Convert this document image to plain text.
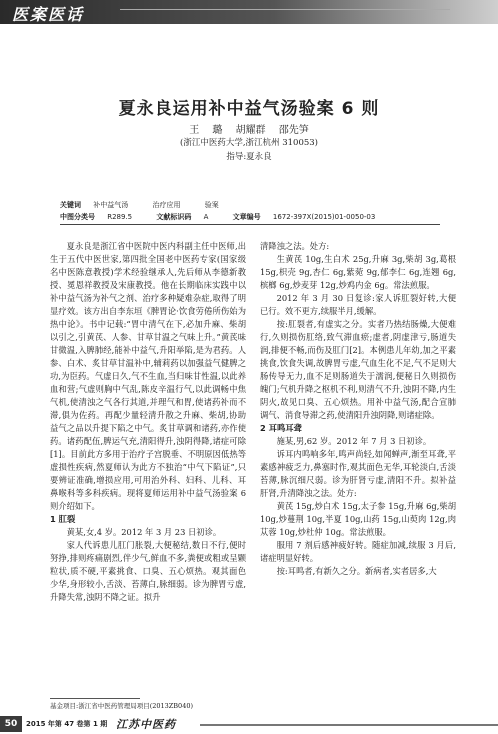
医案医话
夏永良运用补中益气汤验案 6 则
王 璐 胡耀群 邵先笋
(浙江中医药大学,浙江杭州 310053)
指导:夏永良
关键词 补中益气汤	治疗应用	验案
中图分类号 R289.5	文献标识码 A	文章编号 1672-397X(2015)01-0050-03

夏永良是浙江省中医院中医内科副主任中医师,出生于五代中医世家,第四批全国老中医药专家(国家级名中医陈意教授)学术经验继承人,先后师从李德新教授、冕恩祥教授及宋康教授。他在长期临床实践中以补中益气汤为补气之剂、治疗多种疑难杂症,取得了明显疗效。该方出自李东垣《脾胃论·饮食劳倦所伤始为热中论》。书中记载:“胃中清气在下,必加升麻、柴胡以引之,引黄芪、人参、甘草甘温之气味上升。”黄芪味甘微温,入脾肺经,能补中益气,升阳举陷,是为君药。人参、白术、炙甘草甘温补中,辅莉药以加强益气健脾之功,为臣药。气虚日久,气不生血,当归味甘性温,以此养血和营;气虚则胸中气乱,陈皮辛温行气,以此调畅中焦气机,使清浊之气各行其道,并理气和胃,使诸药补而不滞,俱为佐药。再配少量轻清升散之升麻、柴胡,协助益气之品以升提下陷之中气。炙甘草调和诸药,亦作使药。诸药配伍,脾运气充,清阳得升,浊阴得降,诸症可除[1]。目前此方多用于治疗子宫脱垂、不明原因低热等虚损性疾病,然夏师认为此方不独治“中气下陷证”,只要辨证准确,增损应用,可用治外科、妇科、儿科、耳鼻喉科等多科疾病。现将夏师运用补中益气汤验案 6 则介绍如下。

1 肛裂

黄某,女,4 岁。2012 年 3 月 23 日初诊。

家人代诉患儿肛门胀裂,大便秘结,数日不行,便时努挣,排则疼痛剧烈,伴少气,鲜血不多,粪便或粗或呈颗粒状,质不硬,平素挑食、口臭、五心烦热。观其面色少华,身形较小,舌淡、苔薄白,脉细弱。诊为脾胃亏虚,升降失常,浊阴不降之证。拟升

清降浊之法。处方:

生黄芪 10g,生白术 25g,升麻 3g,柴胡 3g,葛根 15g,枳壳 9g,杏仁 6g,紫菀 9g,郁李仁 6g,连翘 6g,槟榔 6g,炒麦芽 12g,炒鸡内金 6g。常法煎服。

2012 年 3 月 30 日复诊:家人诉肛裂好转,大便已行。效不更方,续服半月,缓解。

按:肛裂者,有虚实之分。实者乃热结肠燥,大便难行,久则损伤肛络,致气滞血瘀;虚者,阴虚津亏,肠道失润,排便不畅,而伤及肛门[2]。本例患儿年幼,加之平素挑食,饮食失调,故脾胃亏虚,气血生化不足,气不足则大肠传导无力,血不足则肠道失于濡润,便秘日久则损伤魄门;气机升降之枢机不利,则清气不升,浊阴不降,内生阴火,故见口臭、五心烦热。用补中益气汤,配合宣肺调气、消食导滞之药,使清阳升浊阴降,则诸症除。

2 耳鸣耳聋

施某,男,62 岁。2012 年 7 月 3 日初诊。

诉耳内鸣响多年,鸣声尚轻,如闻蝉声,渐至耳聋,平素感神疲乏力,鼻塞时作,观其面色无华,耳轮淡白,舌淡苔薄,脉沉细尺弱。诊为肝肾亏虚,清阳不升。拟补益肝肾,升清降浊之法。处方:

黄芪 15g,炒白术 15g,太子参 15g,升麻 6g,柴胡 10g,炒蔓荆 10g,半夏 10g,山药 15g,山萸肉 12g,肉苁蓉 10g,炒杜仲 10g。常法煎服。

服用 7 剂后感神疲好转。随症加减,续服 3 月后,诸症明显好转。

按:耳鸣者,有新久之分。新病者,实者居多,大

基金项目:浙江省中医药管理局项目(2013ZB040)
50	2015 年第 47 卷第 1 期 江苏中医药
